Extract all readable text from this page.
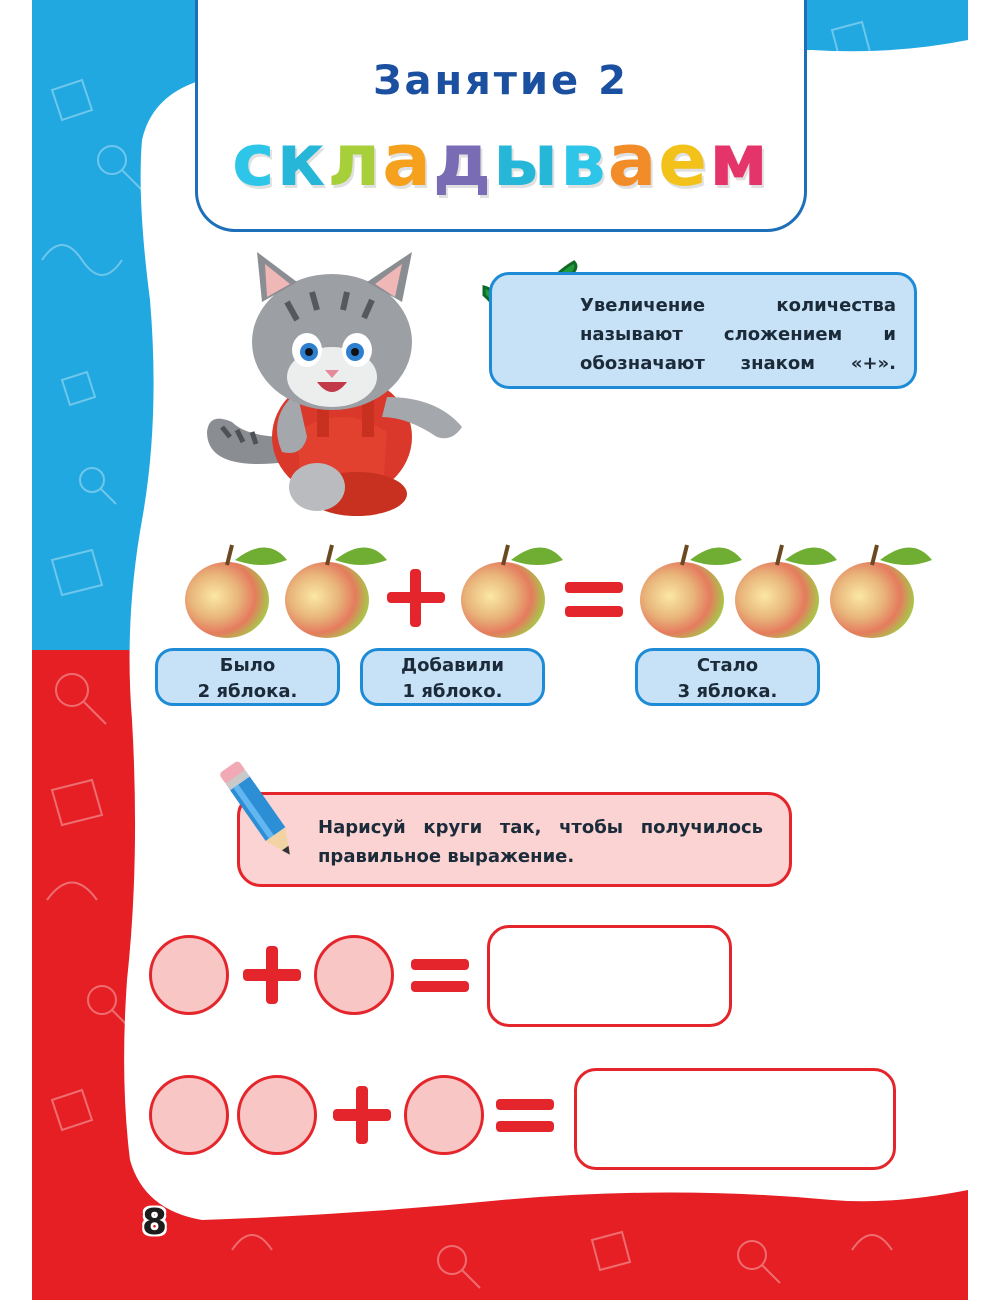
Занятие 2
складываем
Увеличение количества называют сложением и обозначают знаком «+».
Было
2 яблока.
Добавили
1 яблоко.
Стало
3 яблока.
Нарисуй круги так, чтобы получилось правильное выражение.
8
